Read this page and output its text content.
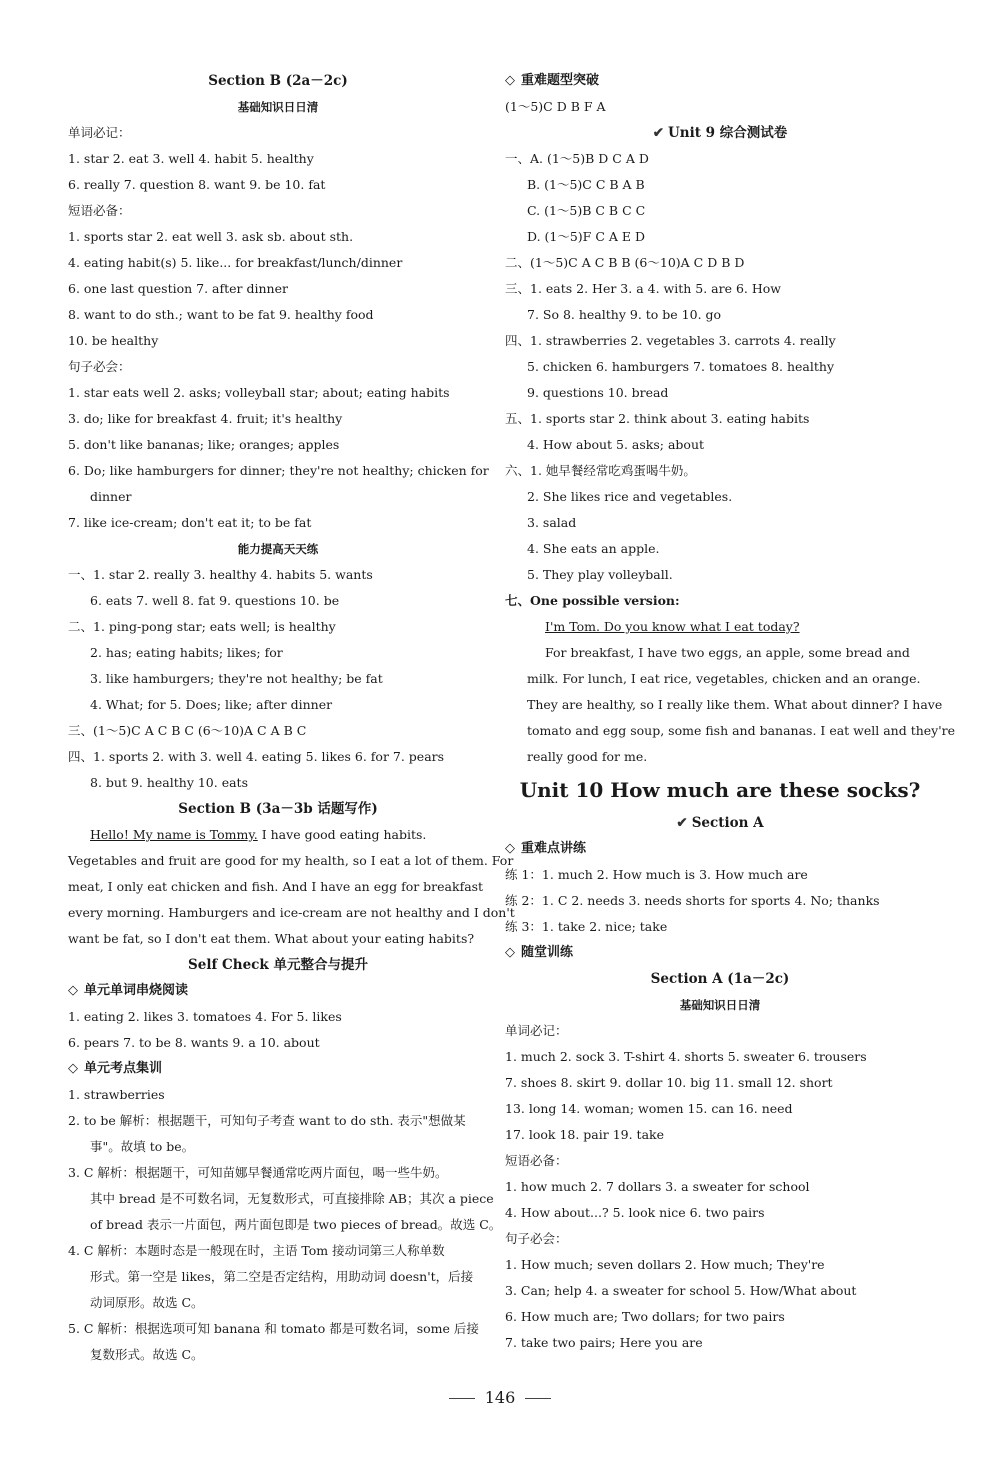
Section B (2a－2c)
基础知识日日清
单词必记：
1. star 2. eat 3. well 4. habit 5. healthy
6. really 7. question 8. want 9. be 10. fat
短语必备：
1. sports star 2. eat well 3. ask sb. about sth.
4. eating habit(s) 5. like... for breakfast/lunch/dinner
6. one last question 7. after dinner
8. want to do sth.; want to be fat 9. healthy food
10. be healthy
句子必会：
1. star eats well 2. asks; volleyball star; about; eating habits
3. do; like for breakfast 4. fruit; it's healthy
5. don't like bananas; like; oranges; apples
6. Do; like hamburgers for dinner; they're not healthy; chicken for
dinner
7. like ice-cream; don't eat it; to be fat
能力提高天天练
一、1. star 2. really 3. healthy 4. habits 5. wants
6. eats 7. well 8. fat 9. questions 10. be
二、1. ping-pong star; eats well; is healthy
2. has; eating habits; likes; for
3. like hamburgers; they're not healthy; be fat
4. What; for 5. Does; like; after dinner
三、(1～5)C A C B C (6～10)A C A B C
四、1. sports 2. with 3. well 4. eating 5. likes 6. for 7. pears
8. but 9. healthy 10. eats
Section B (3a－3b 话题写作)
Hello! My name is Tommy. I have good eating habits.
Vegetables and fruit are good for my health, so I eat a lot of them. For
meat, I only eat chicken and fish. And I have an egg for breakfast
every morning. Hamburgers and ice-cream are not healthy and I don't
want be fat, so I don't eat them. What about your eating habits?
Self Check 单元整合与提升
◇ 单元单词串烧阅读
1. eating 2. likes 3. tomatoes 4. For 5. likes
6. pears 7. to be 8. wants 9. a 10. about
◇ 单元考点集训
1. strawberries
2. to be 解析：根据题干，可知句子考查 want to do sth. 表示"想做某
事"。故填 to be。
3. C 解析：根据题干，可知苗娜早餐通常吃两片面包，喝一些牛奶。
其中 bread 是不可数名词，无复数形式，可直接排除 AB；其次 a piece
of bread 表示一片面包，两片面包即是 two pieces of bread。故选 C。
4. C 解析：本题时态是一般现在时，主语 Tom 接动词第三人称单数
形式。第一空是 likes，第二空是否定结构，用助动词 doesn't，后接
动词原形。故选 C。
5. C 解析：根据选项可知 banana 和 tomato 都是可数名词，some 后接
复数形式。故选 C。
◇ 重难题型突破
(1～5)C D B F A
✔ Unit 9 综合测试卷
一、A. (1～5)B D C A D
B. (1～5)C C B A B
C. (1～5)B C B C C
D. (1～5)F C A E D
二、(1～5)C A C B B (6～10)A C D B D
三、1. eats 2. Her 3. a 4. with 5. are 6. How
7. So 8. healthy 9. to be 10. go
四、1. strawberries 2. vegetables 3. carrots 4. really
5. chicken 6. hamburgers 7. tomatoes 8. healthy
9. questions 10. bread
五、1. sports star 2. think about 3. eating habits
4. How about 5. asks; about
六、1. 她早餐经常吃鸡蛋喝牛奶。
2. She likes rice and vegetables.
3. salad
4. She eats an apple.
5. They play volleyball.
七、One possible version:
I'm Tom. Do you know what I eat today?
For breakfast, I have two eggs, an apple, some bread and
milk. For lunch, I eat rice, vegetables, chicken and an orange.
They are healthy, so I really like them. What about dinner? I have
tomato and egg soup, some fish and bananas. I eat well and they're
really good for me.
Unit 10 How much are these socks?
✔ Section A
◇ 重难点讲练
练 1：1. much 2. How much is 3. How much are
练 2：1. C 2. needs 3. needs shorts for sports 4. No; thanks
练 3：1. take 2. nice; take
◇ 随堂训练
Section A (1a－2c)
基础知识日日清
单词必记：
1. much 2. sock 3. T-shirt 4. shorts 5. sweater 6. trousers
7. shoes 8. skirt 9. dollar 10. big 11. small 12. short
13. long 14. woman; women 15. can 16. need
17. look 18. pair 19. take
短语必备：
1. how much 2. 7 dollars 3. a sweater for school
4. How about...? 5. look nice 6. two pairs
句子必会：
1. How much; seven dollars 2. How much; They're
3. Can; help 4. a sweater for school 5. How/What about
6. How much are; Two dollars; for two pairs
7. take two pairs; Here you are
146
